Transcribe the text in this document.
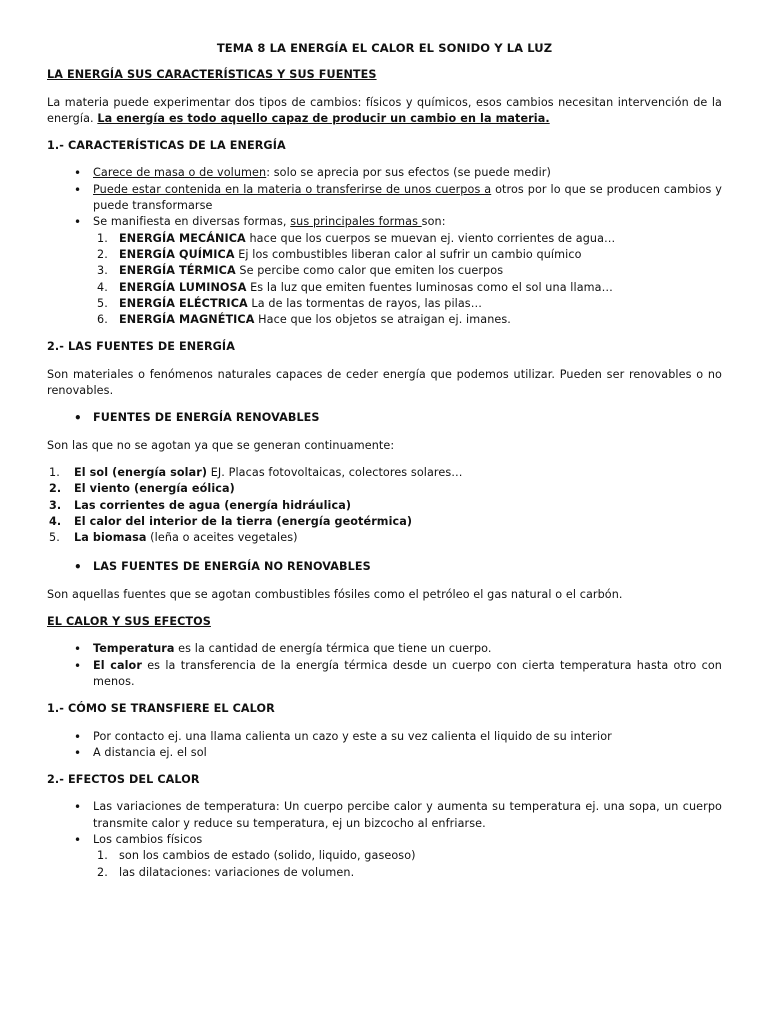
TEMA 8 LA ENERGÍA EL CALOR EL SONIDO Y LA LUZ

LA ENERGÍA SUS CARACTERÍSTICAS Y SUS FUENTES

La materia puede experimentar dos tipos de cambios: físicos y químicos, esos cambios necesitan intervención de la energía. La energía es todo aquello capaz de producir un cambio en la materia.

1.- CARACTERÍSTICAS DE LA ENERGÍA

• Carece de masa o de volumen: solo se aprecia por sus efectos (se puede medir)
• Puede estar contenida en la materia o transferirse de unos cuerpos a otros por lo que se producen cambios y puede transformarse
• Se manifiesta en diversas formas, sus principales formas son:
1. ENERGÍA MECÁNICA hace que los cuerpos se muevan ej. viento corrientes de agua…
2. ENERGÍA QUÍMICA Ej los combustibles liberan calor al sufrir un cambio químico
3. ENERGÍA TÉRMICA Se percibe como calor que emiten los cuerpos
4. ENERGÍA LUMINOSA Es la luz que emiten fuentes luminosas como el sol una llama…
5. ENERGÍA ELÉCTRICA La de las tormentas de rayos, las pilas…
6. ENERGÍA MAGNÉTICA Hace que los objetos se atraigan ej. imanes.

2.- LAS FUENTES DE ENERGÍA

Son materiales o fenómenos naturales capaces de ceder energía que podemos utilizar. Pueden ser renovables o no renovables.

• FUENTES DE ENERGÍA RENOVABLES

Son las que no se agotan ya que se generan continuamente:

1. El sol (energía solar) EJ. Placas fotovoltaicas, colectores solares…
2. El viento (energía eólica)
3. Las corrientes de agua (energía hidráulica)
4. El calor del interior de la tierra (energía geotérmica)
5. La biomasa (leña o aceites vegetales)
• LAS FUENTES DE ENERGÍA NO RENOVABLES

Son aquellas fuentes que se agotan combustibles fósiles como el petróleo el gas natural o el carbón.

EL CALOR Y SUS EFECTOS

• Temperatura es la cantidad de energía térmica que tiene un cuerpo.
• El calor es la transferencia de la energía térmica desde un cuerpo con cierta temperatura hasta otro con menos.

1.- CÓMO SE TRANSFIERE EL CALOR

• Por contacto ej. una llama calienta un cazo y este a su vez calienta el liquido de su interior
• A distancia ej. el sol

2.- EFECTOS DEL CALOR

• Las variaciones de temperatura: Un cuerpo percibe calor y aumenta su temperatura ej. una sopa, un cuerpo transmite calor y reduce su temperatura, ej un bizcocho al enfriarse.
• Los cambios físicos
1. son los cambios de estado (solido, liquido, gaseoso)
2. las dilataciones: variaciones de volumen.
